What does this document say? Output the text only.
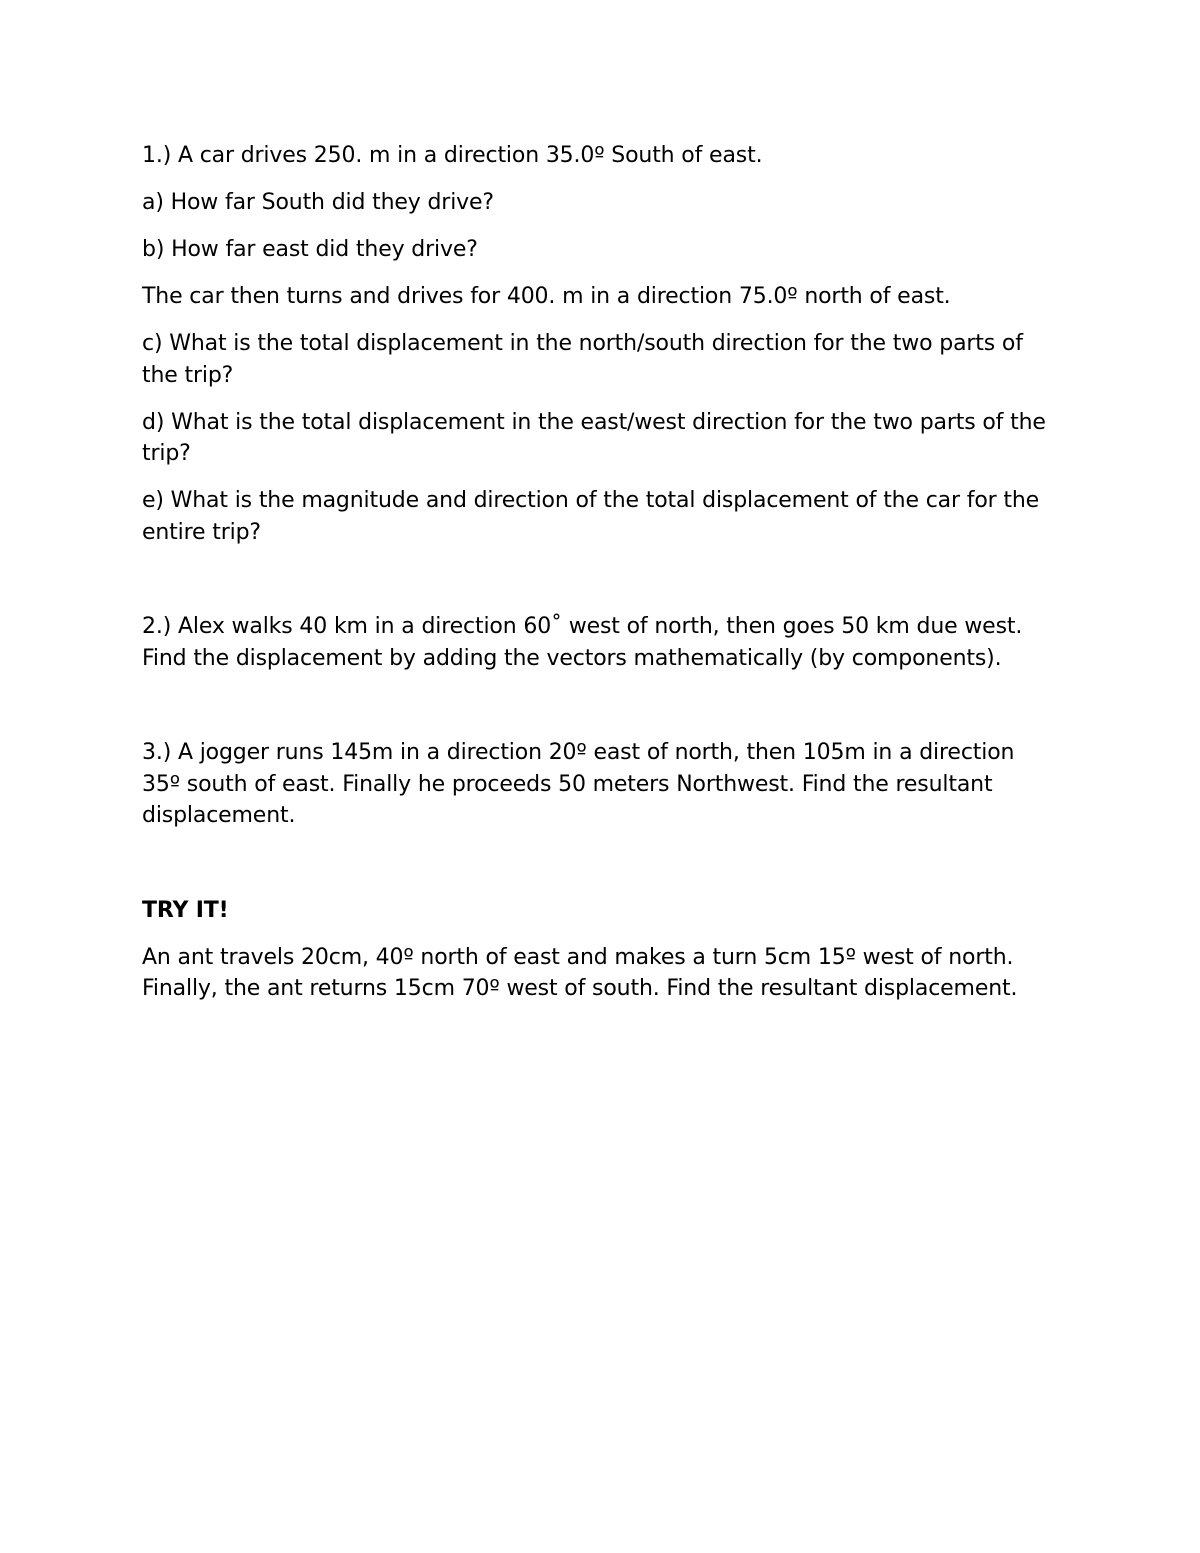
1.) A car drives 250. m in a direction 35.0º South of east.

a) How far South did they drive?

b) How far east did they drive?

The car then turns and drives for 400. m in a direction 75.0º north of east.

c) What is the total displacement in the north/south direction for the two parts of the trip?

d) What is the total displacement in the east/west direction for the two parts of the trip?

e) What is the magnitude and direction of the total displacement of the car for the entire trip?

2.) Alex walks 40 km in a direction 60˚ west of north, then goes 50 km due west. Find the displacement by adding the vectors mathematically (by components).

3.) A jogger runs 145m in a direction 20º east of north, then 105m in a direction 35º south of east. Finally he proceeds 50 meters Northwest. Find the resultant displacement.

TRY IT!

An ant travels 20cm, 40º north of east and makes a turn 5cm 15º west of north. Finally, the ant returns 15cm 70º west of south. Find the resultant displacement.
